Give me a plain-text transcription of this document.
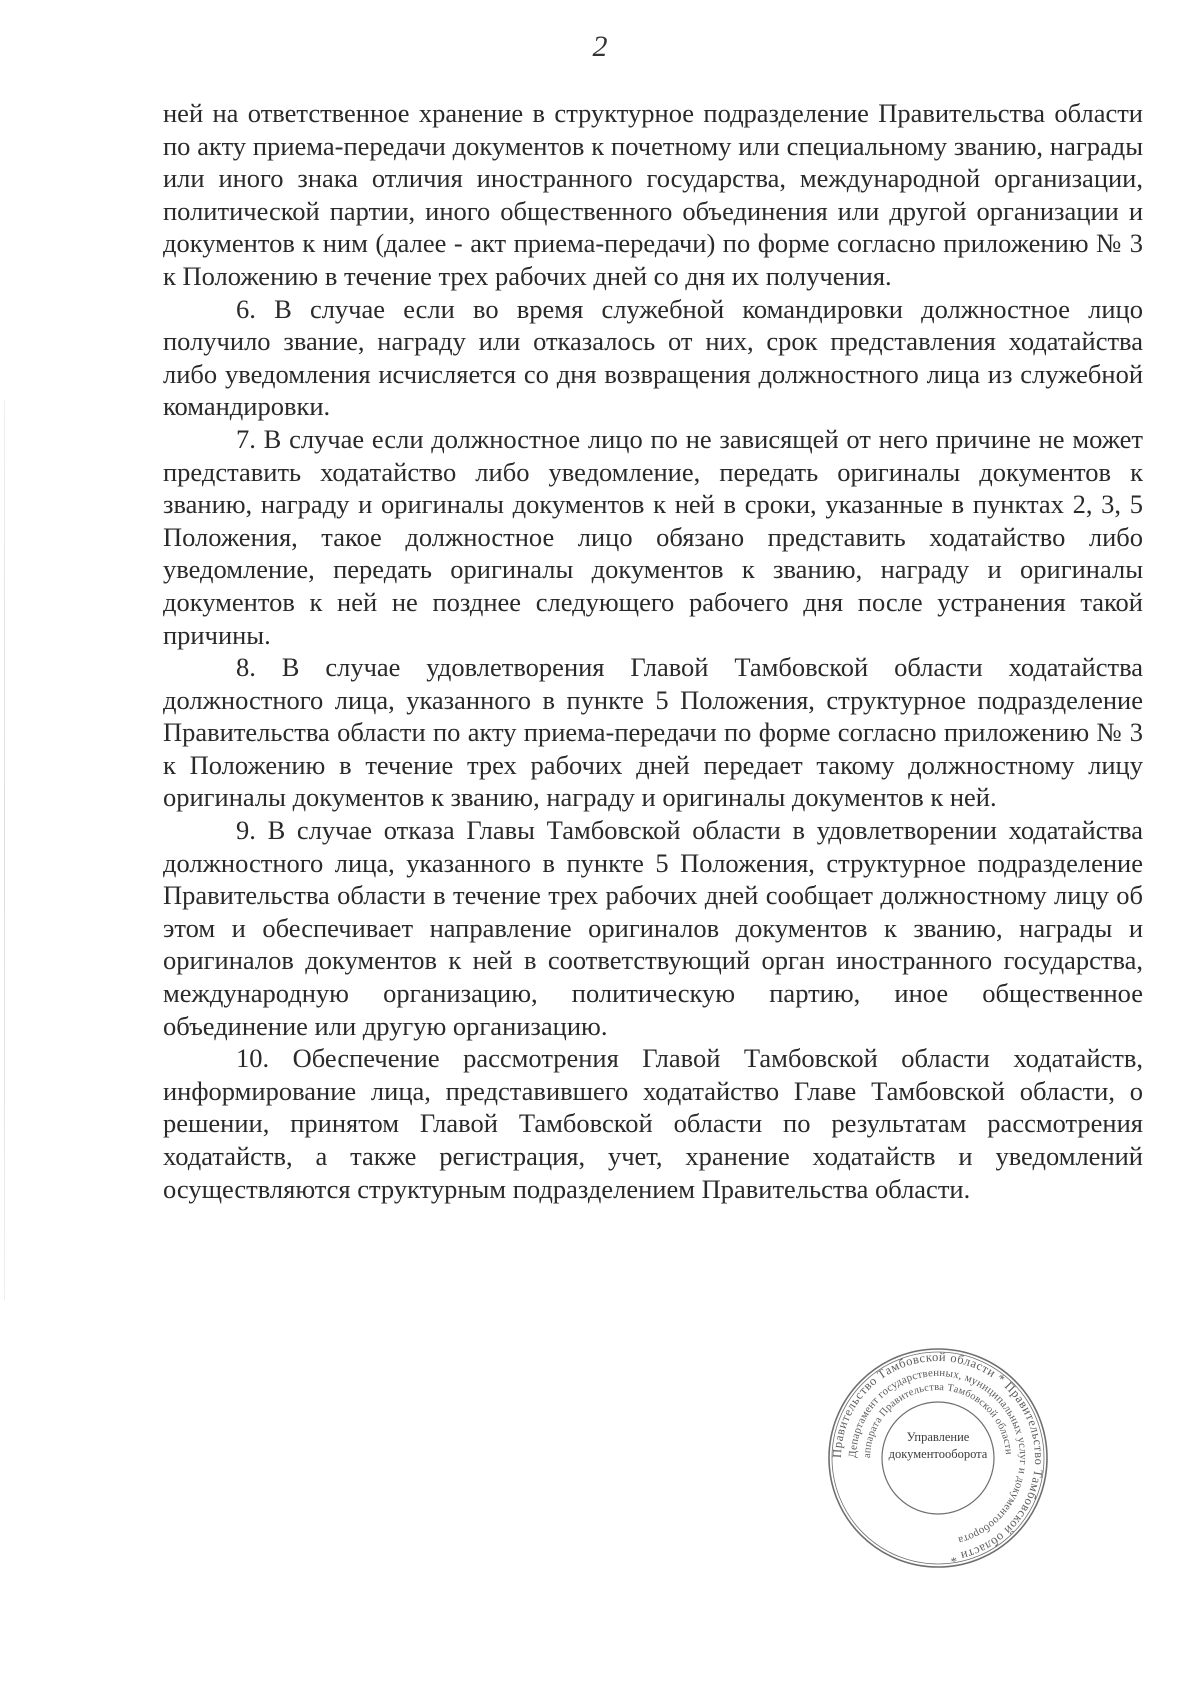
2

ней на ответственное хранение в структурное подразделение Правительства области по акту приема-передачи документов к почетному или специальному званию, награды или иного знака отличия иностранного государства, международной организации, политической партии, иного общественного объединения или другой организации и документов к ним (далее - акт приема-передачи) по форме согласно приложению № 3 к Положению в течение трех рабочих дней со дня их получения.

6. В случае если во время служебной командировки должностное лицо получило звание, награду или отказалось от них, срок представления ходатайства либо уведомления исчисляется со дня возвращения должностного лица из служебной командировки.

7. В случае если должностное лицо по не зависящей от него причине не может представить ходатайство либо уведомление, передать оригиналы документов к званию, награду и оригиналы документов к ней в сроки, указанные в пунктах 2, 3, 5 Положения, такое должностное лицо обязано представить ходатайство либо уведомление, передать оригиналы документов к званию, награду и оригиналы документов к ней не позднее следующего рабочего дня после устранения такой причины.

8. В случае удовлетворения Главой Тамбовской области ходатайства должностного лица, указанного в пункте 5 Положения, структурное подразделение Правительства области по акту приема-передачи по форме согласно приложению № 3 к Положению в течение трех рабочих дней передает такому должностному лицу оригиналы документов к званию, награду и оригиналы документов к ней.

9. В случае отказа Главы Тамбовской области в удовлетворении ходатайства должностного лица, указанного в пункте 5 Положения, структурное подразделение Правительства области в течение трех рабочих дней сообщает должностному лицу об этом и обеспечивает направление оригиналов документов к званию, награды и оригиналов документов к ней в соответствующий орган иностранного государства, международную организацию, политическую партию, иное общественное объединение или другую организацию.

10. Обеспечение рассмотрения Главой Тамбовской области ходатайств, информирование лица, представившего ходатайство Главе Тамбовской области, о решении, принятом Главой Тамбовской области по результатам рассмотрения ходатайств, а также регистрация, учет, хранение ходатайств и уведомлений осуществляются структурным подразделением Правительства области.

Правительство Тамбовской области * Правительство Тамбовской области *
Департамент государственных, муниципальных услуг и документооборота
аппарата Правительства Тамбовской области
Управление
документооборота
